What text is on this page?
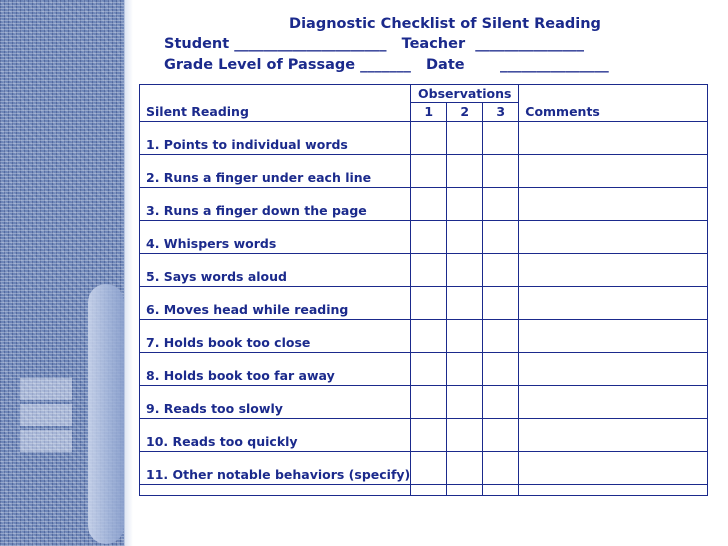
Diagnostic Checklist of Silent Reading
Student _____________________   Teacher  _______________
Grade Level of Passage _______   Date       _______________
	Observations			
Silent Reading	1	2	3	Comments
1. Points to individual words				
2. Runs a finger under each line				
3. Runs a finger down the page				
4. Whispers words				
5. Says words aloud				
6. Moves head while reading				
7. Holds book too close				
8. Holds book too far away				
9. Reads too slowly				
10. Reads too quickly				
11. Other notable behaviors (specify)				
